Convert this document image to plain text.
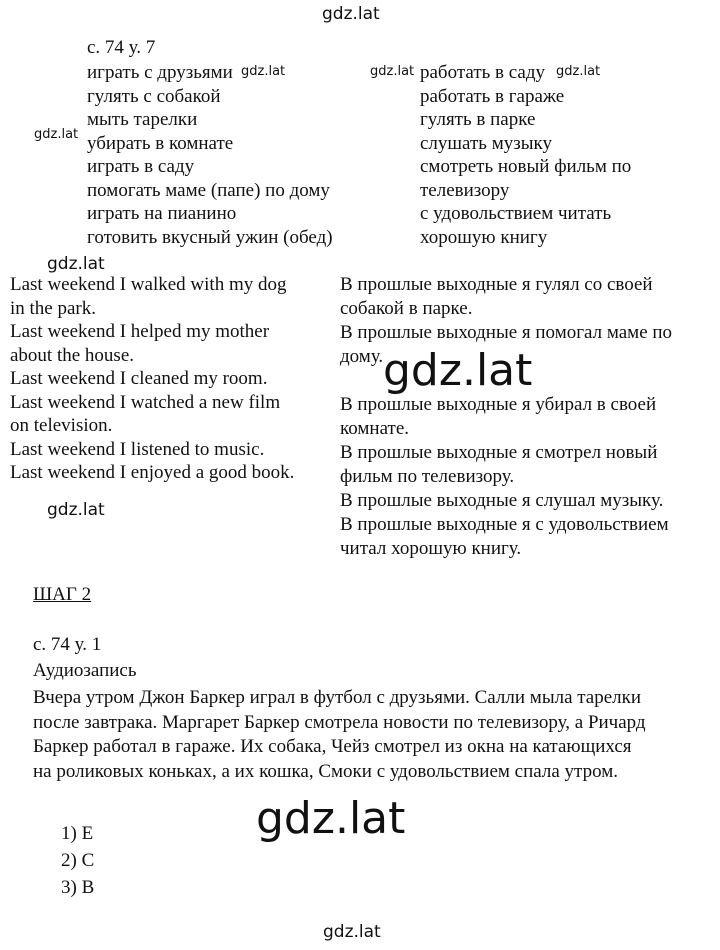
gdz.lat
gdz.lat	gdz.lat	gdz.lat
gdz.lat
gdz.lat
gdz.lat
gdz.lat
gdz.lat
gdz.lat
с. 74 у. 7
играть с друзьями
гулять с собакой
мыть тарелки
убирать в комнате
играть в саду
помогать маме (папе) по дому
играть на пианино
готовить вкусный ужин (обед)
работать в саду
работать в гараже
гулять в парке
слушать музыку
смотреть новый фильм по
телевизору
с удовольствием читать
хорошую книгу
Last weekend I walked with my dog
in the park.
Last weekend I helped my mother
about the house.
Last weekend I cleaned my room.
Last weekend I watched a new film
on television.
Last weekend I listened to music.
Last weekend I enjoyed a good book.
В прошлые выходные я гулял со своей
собакой в парке.
В прошлые выходные я помогал маме по
дому.
В прошлые выходные я убирал в своей
комнате.
В прошлые выходные я смотрел новый
фильм по телевизору.
В прошлые выходные я слушал музыку.
В прошлые выходные я с удовольствием
читал хорошую книгу.
ШАГ 2
с. 74 у. 1
Аудиозапись
Вчера утром Джон Баркер играл в футбол с друзьями. Салли мыла тарелки
после завтрака. Маргарет Баркер смотрела новости по телевизору, а Ричард
Баркер работал в гараже. Их собака, Чейз смотрел из окна на катающихся
на роликовых коньках, а их кошка, Смоки с удовольствием спала утром.
1) Е
2) С
3) В
